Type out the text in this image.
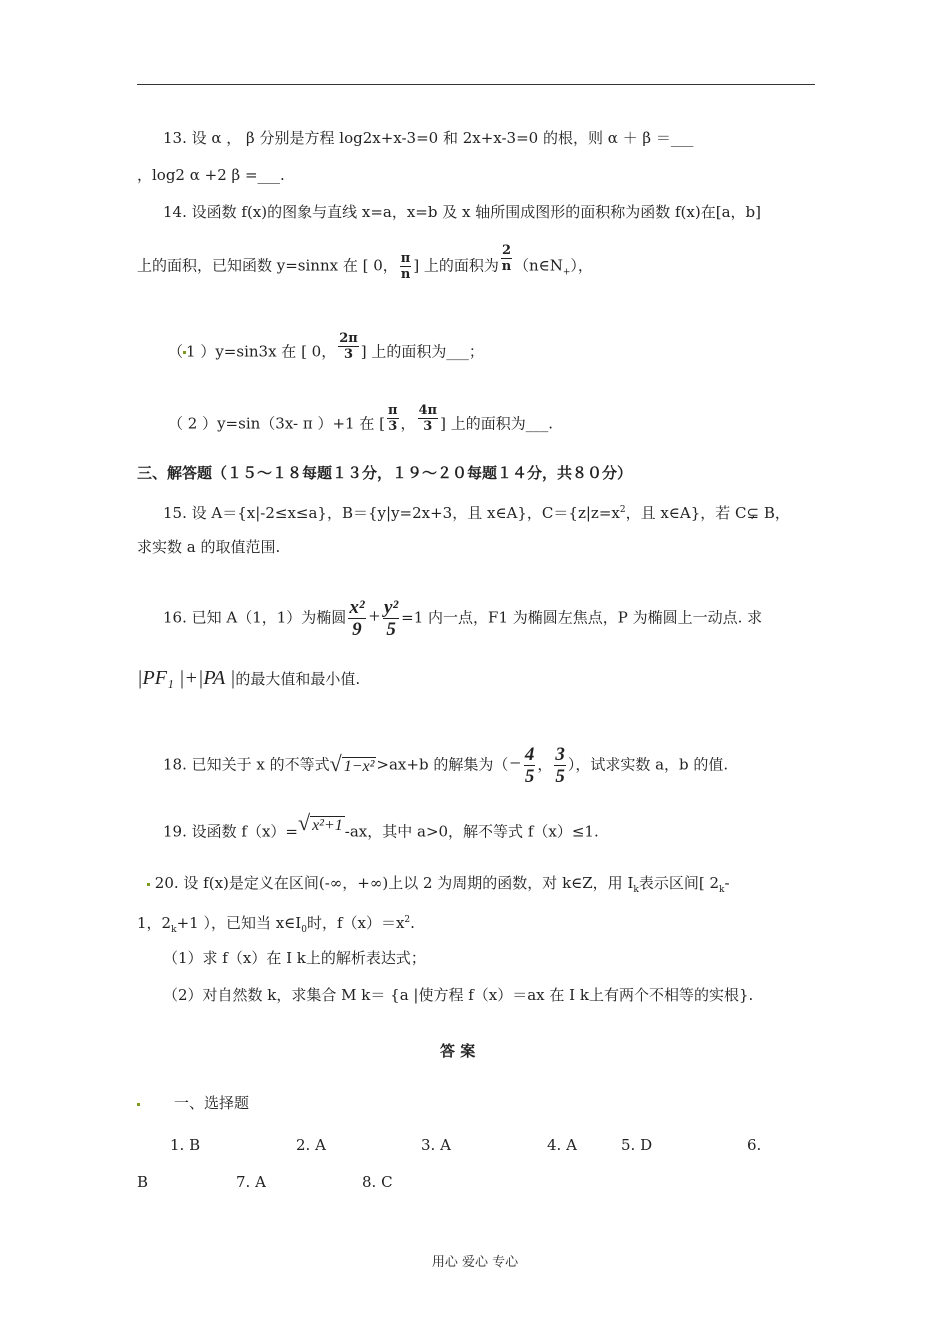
13. 设 α ， β 分别是方程 log2x+x-3=0 和 2x+x-3=0 的根，则 α ＋ β ＝___
，log2 α +2 β =___.
14. 设函数 f(x)的图象与直线 x=a，x=b 及 x 轴所围成图形的面积称为函数 f(x)在[a，b]
上的面积，已知函数 y=sinnx 在 [ 0， $\frac{\pi}{n}$ ] 上的面积为 $\frac{2}{n}$ $(n\in N_+)$，
（ 1 ）y=sin3x 在 [ 0， $\frac{2\pi}{3}$ ] 上的面积为___；
（ 2 ）y=sin（3x- π ）+1 在 [ $\frac{\pi}{3}$ ， $\frac{4\pi}{3}$ ] 上的面积为___.
三、解答题（１５～１８每题１３分，１９～２０每题１４分，共８０分）
15. 设 A＝{x|-2≤x≤a}，B＝{y|y=2x+3，且 x∈A}，$C=\{z|z=x^2$，且 x∈A}，若 C⊊ B，
求实数 a 的取值范围.
16. 已知 A（1，1）为椭圆 $\frac{\text{x²}}{9} + \frac{\text{y²}}{5} =1$ 内一点，F1 为椭圆左焦点，P 为椭圆上一动点. 求
|PF₁ |+|PA |的最大值和最小值.
18. 已知关于 x 的不等式√ 1−x² >ax+b 的解集为（− $\frac{4}{5}$ ， $\frac{3}{5}$ ），试求实数 a，b 的值.
19. 设函数 f（x）=√ x²+1 -ax，其中 a>0，解不等式 f（x）≤1.
20. 设 f(x)是定义在区间(-∞，+∞)上以 2 为周期的函数，对 k∈Z，用 $I_k$表示区间[ $2_k-$
1，$2_k+1$ ），已知当 $x\in I_0$时，$f(x)=x^2$.
（1）求 f（x）在 I k上的解析表达式；
（2）对自然数 k，求集合 M k＝ {a |使方程 f（x）＝ax 在 I k上有两个不相等的实根}.
答 案
一、选择题
1. B	2. A	3. A	4. A	5. D	6.
B	7. A	8. C
用心 爱心 专心
